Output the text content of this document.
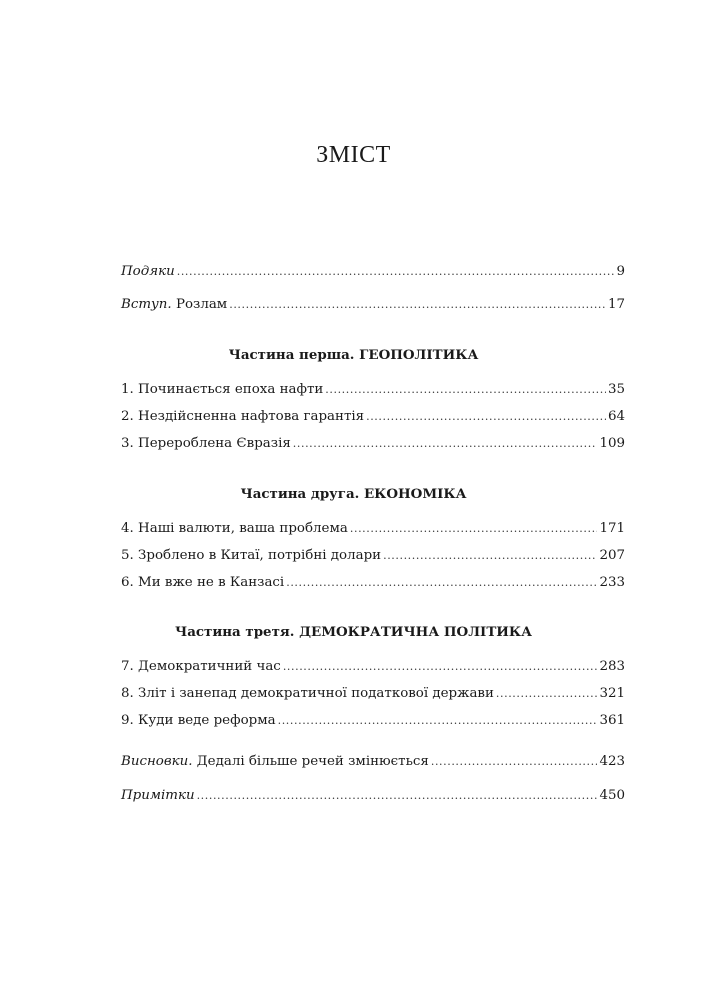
ЗМІСТ
Подяки .....	9
Вступ. Розлам .....	17
Частина перша. ГЕОПОЛІТИКА
1. Починається епоха нафти .....	35
2. Нездійсненна нафтова гарантія .....	64
3. Перероблена Євразія .....	109
Частина друга. ЕКОНОМІКА
4. Наші валюти, ваша проблема .....	171
5. Зроблено в Китаї, потрібні долари .....	207
6. Ми вже не в Канзасі .....	233
Частина третя. ДЕМОКРАТИЧНА ПОЛІТИКА
7. Демократичний час .....	283
8. Зліт і занепад демократичної податкової держави .....	321
9. Куди веде реформа .....	361
Висновки. Дедалі більше речей змінюється .....	423
Примітки .....	450
